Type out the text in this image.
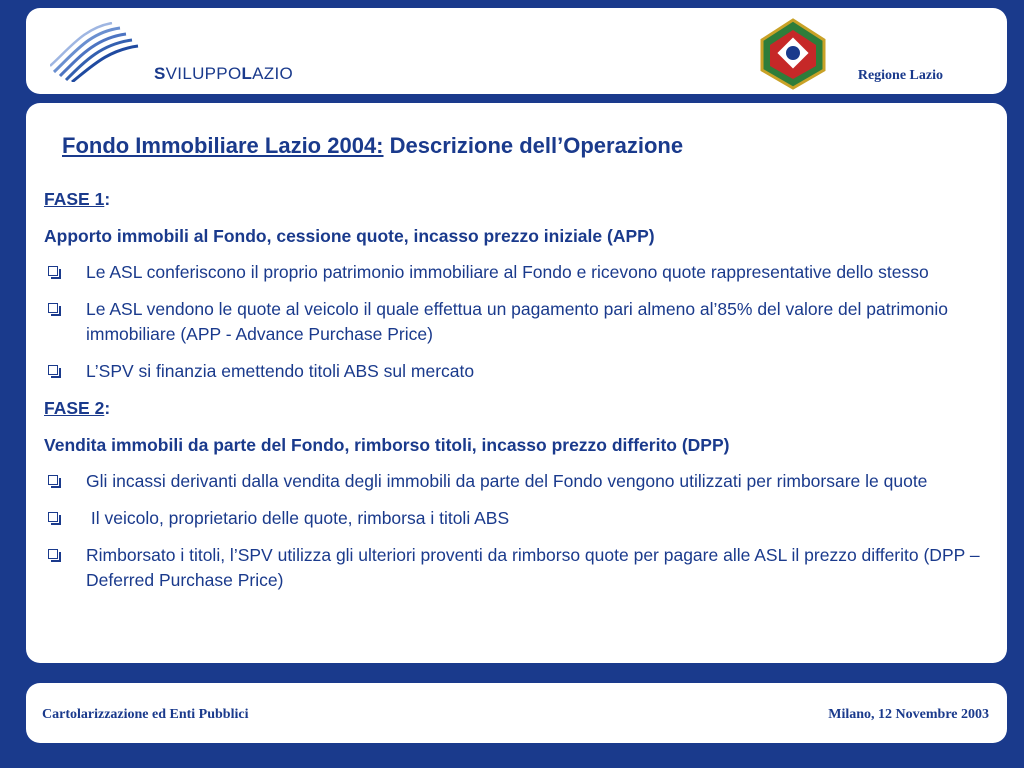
SVILUPPOLAZIO	Regione Lazio
Fondo Immobiliare Lazio 2004: Descrizione dell’Operazione

FASE 1:

Apporto immobili al Fondo, cessione quote, incasso prezzo iniziale (APP)

Le ASL conferiscono il proprio patrimonio immobiliare al Fondo e ricevono quote rappresentative dello stesso
Le ASL vendono le quote al veicolo il quale effettua un pagamento pari almeno al’85% del valore del patrimonio immobiliare (APP - Advance Purchase Price)
L’SPV si finanzia emettendo titoli ABS sul mercato

FASE 2:

Vendita immobili da parte del Fondo, rimborso titoli, incasso prezzo differito (DPP)

Gli incassi derivanti dalla vendita degli immobili da parte del Fondo vengono utilizzati per rimborsare le quote
Il veicolo, proprietario delle quote, rimborsa i titoli ABS
Rimborsato i titoli, l’SPV utilizza gli ulteriori proventi da rimborso quote per pagare alle ASL il prezzo differito (DPP – Deferred Purchase Price)
Cartolarizzazione ed Enti Pubblici	Milano, 12 Novembre 2003
